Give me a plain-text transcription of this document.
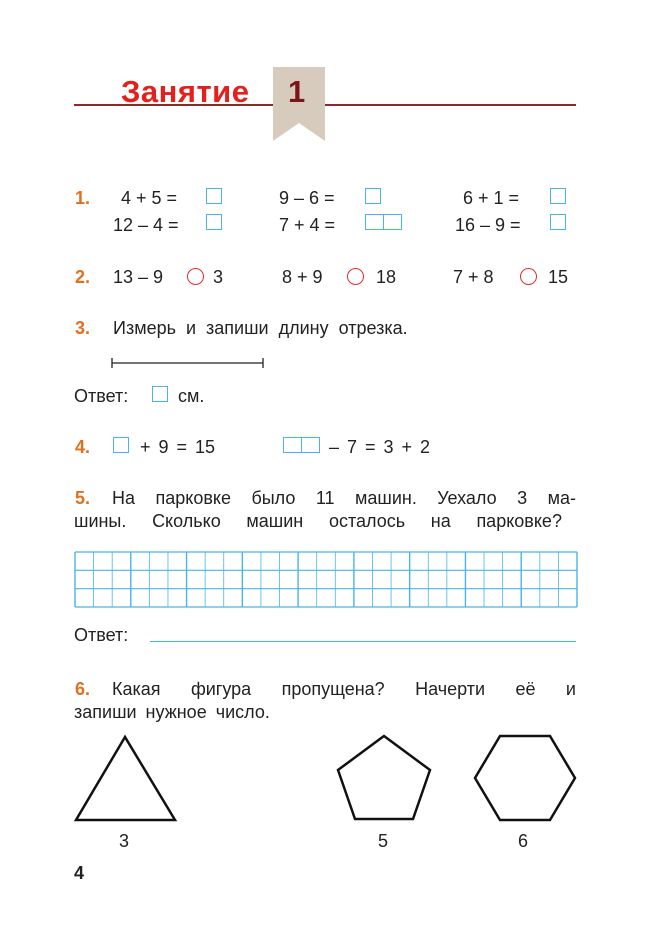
Занятие 1
1. 4 + 5 =	9 – 6 =	6 + 1 =
12 – 4 =	7 + 4 =	16 – 9 =
2. 13 – 9	3	8 + 9	18	7 + 8	15
3. Измерь и запиши длину отрезка.
Ответ:	см.
4.	+ 9 = 15	– 7 = 3 + 2
5. На парковке было 11 машин. Уехало 3 ма-
шины. Сколько машин осталось на парковке?
Ответ:
6. Какая фигура пропущена? Начерти её и
запиши нужное число.
3	5	6
4
